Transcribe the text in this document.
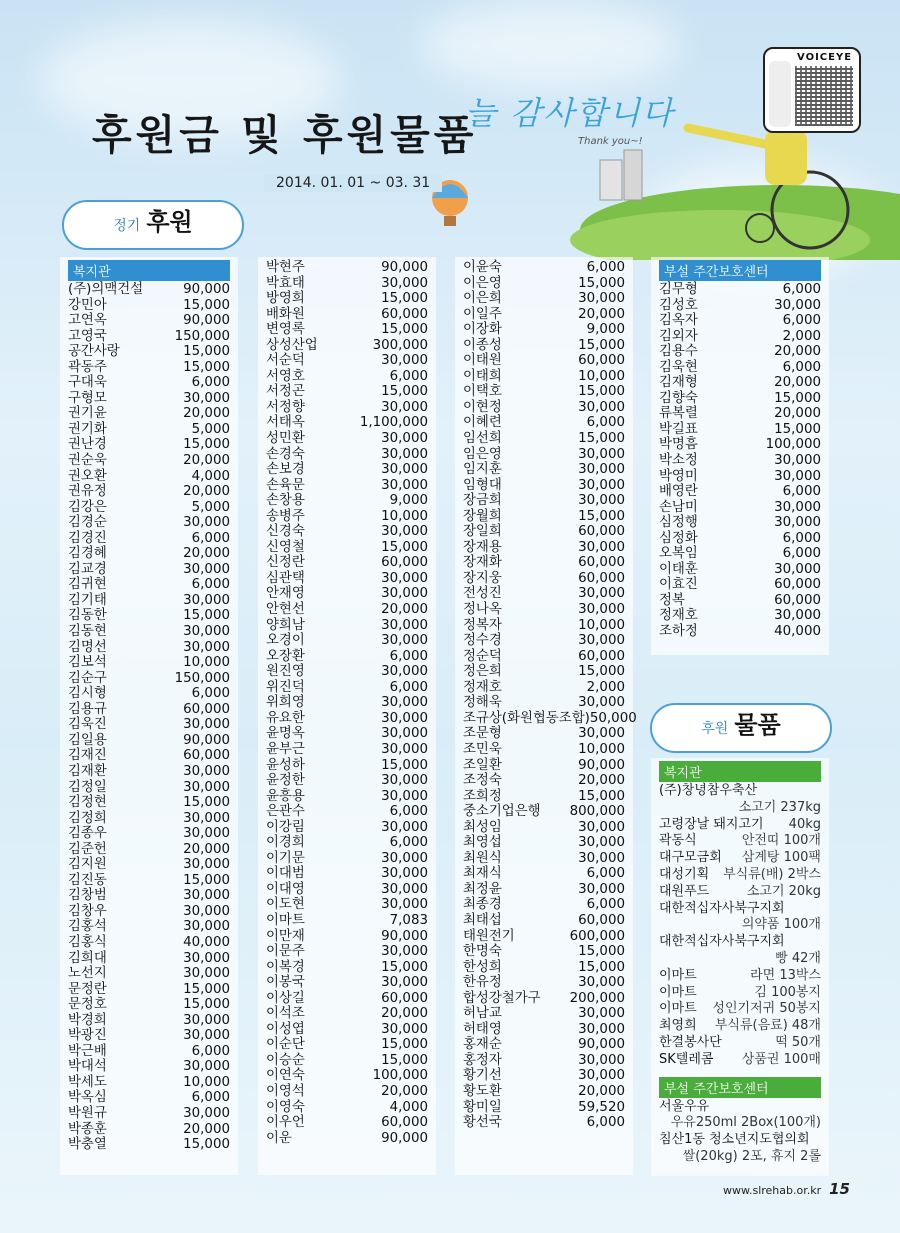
늘 감사합니다
Thank you~!
VOICEYE
후원금 및 후원물품
2014. 01. 01 ~ 03. 31
정기 후원
복지관
(주)의맥건설	90,000
강민아	15,000
고연옥	90,000
고영국	150,000
공간사랑	15,000
곽동주	15,000
구대욱	6,000
구형모	30,000
권기윤	20,000
권기화	5,000
권난경	15,000
권순욱	20,000
권오환	4,000
권유정	20,000
김강은	5,000
김경순	30,000
김경진	6,000
김경혜	20,000
김교경	30,000
김귀현	6,000
김기태	30,000
김동한	15,000
김동현	30,000
김명선	30,000
김보석	10,000
김순구	150,000
김시형	6,000
김용규	60,000
김욱진	30,000
김일용	90,000
김재진	60,000
김재환	30,000
김정일	30,000
김정현	15,000
김정희	30,000
김종우	30,000
김준헌	20,000
김지원	30,000
김진동	15,000
김창범	30,000
김창우	30,000
김홍석	30,000
김홍식	40,000
김희대	30,000
노선지	30,000
문정란	15,000
문정호	15,000
박경희	30,000
박광진	30,000
박근배	6,000
박대석	30,000
박세도	10,000
박옥심	6,000
박원규	30,000
박종훈	20,000
박충열	15,000
박현주	90,000
박효태	30,000
방영희	15,000
배화원	60,000
변영록	15,000
상성산업	300,000
서순덕	30,000
서영호	6,000
서정곤	15,000
서정향	30,000
서태옥	1,100,000
성민환	30,000
손경숙	30,000
손보경	30,000
손육문	30,000
손창용	9,000
송병주	10,000
신경숙	30,000
신영철	15,000
신정란	60,000
심관택	30,000
안재영	30,000
안현선	20,000
양희남	30,000
오경이	30,000
오장환	6,000
원진영	30,000
위진덕	6,000
위희영	30,000
유요한	30,000
윤명옥	30,000
윤부근	30,000
윤성하	15,000
윤정한	30,000
윤흥용	30,000
은관수	6,000
이강림	30,000
이경희	6,000
이기문	30,000
이대범	30,000
이대영	30,000
이도현	30,000
이마트	7,083
이만재	90,000
이문주	30,000
이복경	15,000
이봉국	30,000
이상길	60,000
이석조	20,000
이성엽	30,000
이순단	15,000
이승순	15,000
이연숙	100,000
이영석	20,000
이영숙	4,000
이우언	60,000
이운	90,000
이윤숙	6,000
이은영	15,000
이은희	30,000
이일주	20,000
이장화	9,000
이종성	15,000
이태원	60,000
이태희	10,000
이택호	15,000
이현정	30,000
이혜련	6,000
임선희	15,000
임은영	30,000
임지훈	30,000
임형대	30,000
장금희	30,000
장월희	15,000
장일희	60,000
장재용	30,000
장재화	60,000
장지웅	60,000
전성진	30,000
정나옥	30,000
정복자	10,000
정수경	30,000
정순덕	60,000
정은희	15,000
정재호	2,000
정해욱	30,000
조규상(화원협동조합) 50,000
조문형	30,000
조민욱	10,000
조일환	90,000
조정숙	20,000
조희정	15,000
중소기업은행 800,000
최성임	30,000
최영섭	30,000
최원식	30,000
최재식	6,000
최정윤	30,000
최종경	6,000
최태섭	60,000
태원전기	600,000
한명숙	15,000
한성희	15,000
한유정	30,000
합성강철가구 200,000
허남교	30,000
허태영	30,000
홍재순	90,000
홍정자	30,000
황기선	30,000
황도환	20,000
황미일	59,520
황선국	6,000
부설 주간보호센터
김무형	6,000
김성호	30,000
김옥자	6,000
김외자	2,000
김용수	20,000
김욱현	6,000
김재형	20,000
김향숙	15,000
류복렬	20,000
박길표	15,000
박명흠	100,000
박소정	30,000
박영미	30,000
배영란	6,000
손남미	30,000
심정행	30,000
심정화	6,000
오복임	6,000
이태훈	30,000
이효진	60,000
정복	60,000
정재호	30,000
조하정	40,000
후원 물품
복지관
(주)창녕참우축산
소고기 237kg
고령장날 돼지고기 40kg
곽동식	안전띠 100개
대구모금회 삼계탕 100팩
대성기획 부식류(배) 2박스
대원푸드	소고기 20kg
대한적십자사북구지회
의약품 100개
대한적십자사북구지회
빵 42개
이마트	라면 13박스
이마트	김 100봉지
이마트 성인기저귀 50봉지
최영희 부식류(음료) 48개
한결봉사단	떡 50개
SK텔레콤 상품권 100매
부설 주간보호센터
서울우유
우유250ml 2Box(100개)
침산1동 청소년지도협의회
쌀(20kg) 2포, 휴지 2롤
www.slrehab.or.kr 15
